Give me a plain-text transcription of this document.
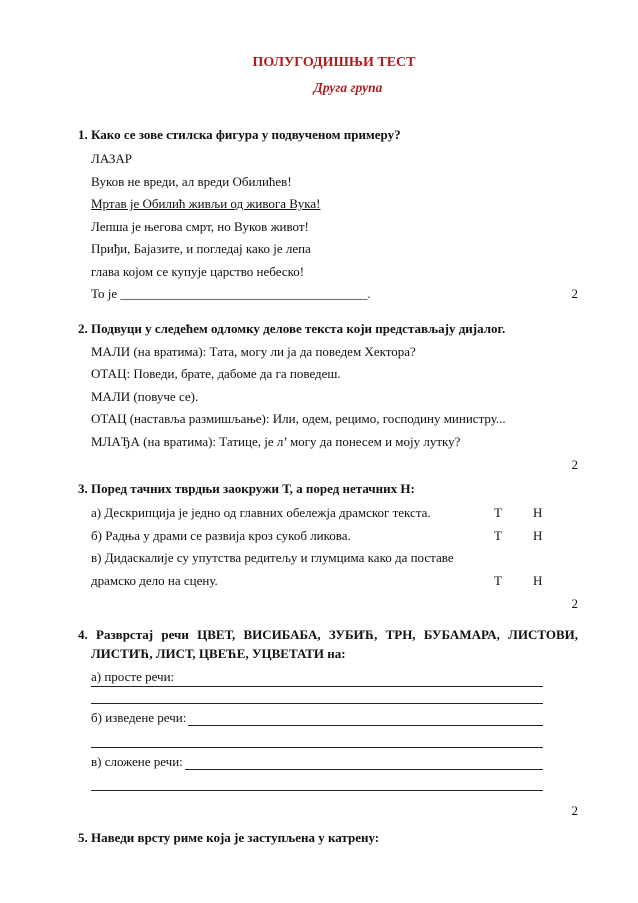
ПОЛУГОДИШЊИ ТЕСТ
Друга група
1. Како се зове стилска фигура у подвученом примеру?
ЛАЗАР
Вуков не вреди, ал вреди Обилићев!
Мртав је Обилић живљи од живога Вука!
Лепша је његова смрт, но Вуков живот!
Приђи, Бајазите, и погледај како је лепа
глава којом се купује царство небеско!
То је ______________________________________.	2
2. Подвуци у следећем одломку делове текста који представљају дијалог.
МАЛИ (на вратима): Тата, могу ли ја да поведем Хектора?
ОТАЦ: Поведи, брате, дабоме да га поведеш.
МАЛИ (повуче се).
ОТАЦ (наставља размишљање): Или, одем, рецимо, господину министру...
МЛАЂА (на вратима): Татице, је л’ могу да понесем и моју лутку?
2
3. Поред тачних тврдњи заокружи Т, а поред нетачних Н:
а) Дескрипција је једно од главних обележја драмског текста.	Т Н
б) Радња у драми се развија кроз сукоб ликова.	Т Н
в) Дидаскалије су упутства редитељу и глумцима како да поставе
драмско дело на сцену.	Т Н
2
4. Разврстај речи ЦВЕТ, ВИСИБАБА, ЗУБИЋ, ТРН, БУБАМАРА, ЛИСТОВИ,
ЛИСТИЋ, ЛИСТ, ЦВЕЋЕ, УЦВЕТАТИ на:
а) просте речи:
б) изведене речи:
в) сложене речи:
2
5. Наведи врсту риме која је заступљена у катрену:
